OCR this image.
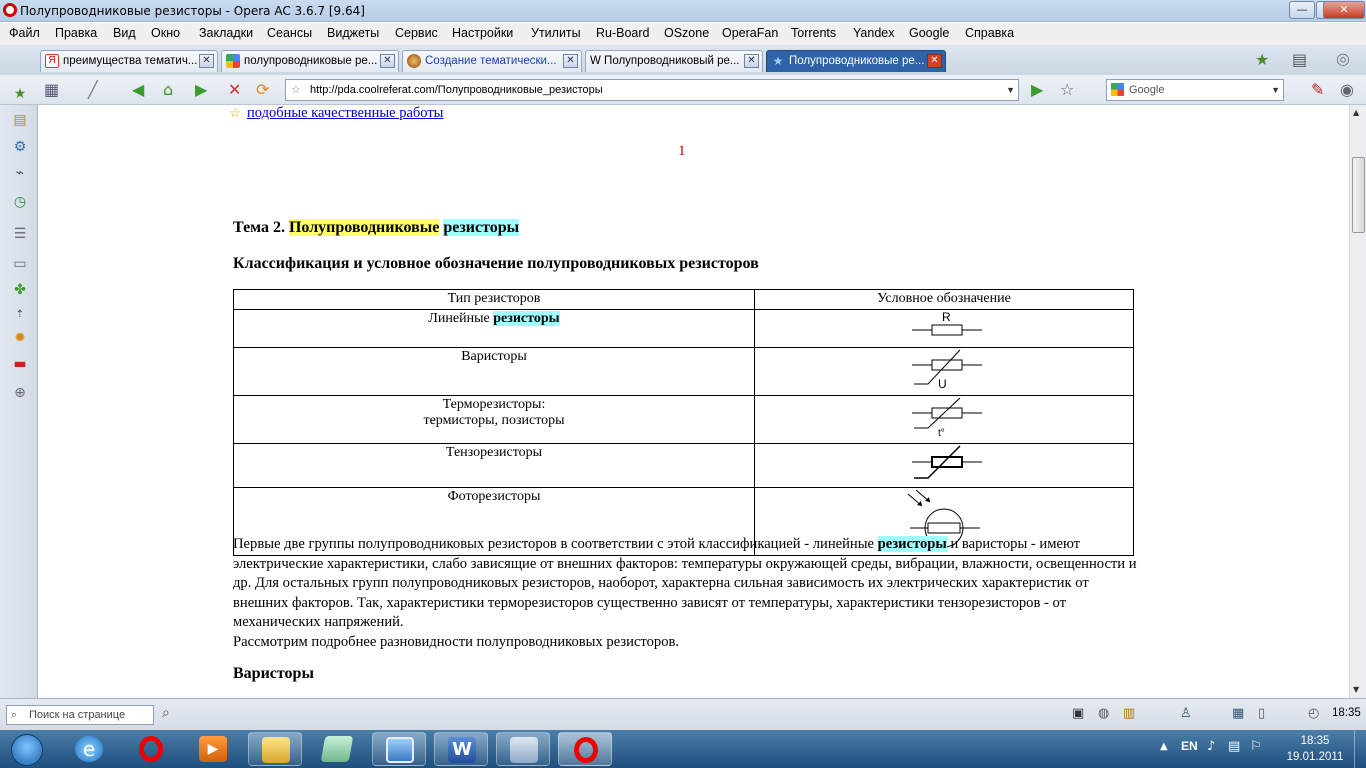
Полупроводниковые резисторы - Opera AC 3.6.7 [9.64]	—	✕
Файл Правка Вид Окно Закладки Сеансы Виджеты Сервис Настройки Утилиты Ru-Board OSzone OperaFan Torrents Yandex Google Справка
Я преимущества тематич... ✕	полупроводниковые ре... ✕	Создание тематически... ✕ W Полупроводниковый ре... ✕ ★ Полупроводниковые ре... ✕	★ ▤ ◎
▦ ╱ ◀ ⌂ ▶ ✕ ⟳ ☆ http://pda.coolreferat.com/Полупроводниковые_резисторы	▼ ▶ ☆	Google	▼ ✎ ◉
★
▤
⚙
⌁
◷
☰
▭
✤
⇡
✹
▬
⊕
☆ подобные качественные работы
1
Тема 2. Полупроводниковые резисторы
Классификация и условное обозначение полупроводниковых резисторов
Тип резисторов	Условное обозначение
Линейные резисторы	R

Варисторы	U

Терморезисторы:
термисторы, позисторы	t°

Тензорезисторы	
Фоторезисторы	
Первые две группы полупроводниковых резисторов в соответствии с этой классификацией - линейные резисторы и варисторы - имеют электрические характеристики, слабо зависящие от внешних факторов: температуры окружающей среды, вибрации, влажности, освещенности и др. Для остальных групп полупроводниковых резисторов, наоборот, характерна сильная зависимость их электрических характеристик от внешних факторов. Так, характеристики терморезисторов существенно зависят от температуры, характеристики тензорезисторов - от механических напряжений.
Рассмотрим подробнее разновидности полупроводниковых резисторов.
Варисторы
▲
▼
⌕ Поиск на странице	⌕	▣ ◍ ▥	♙	▦ ▯	◴ 18:35
e	▶	W	▲ EN ♪ ▤ ⚐	18:35
19.01.2011
